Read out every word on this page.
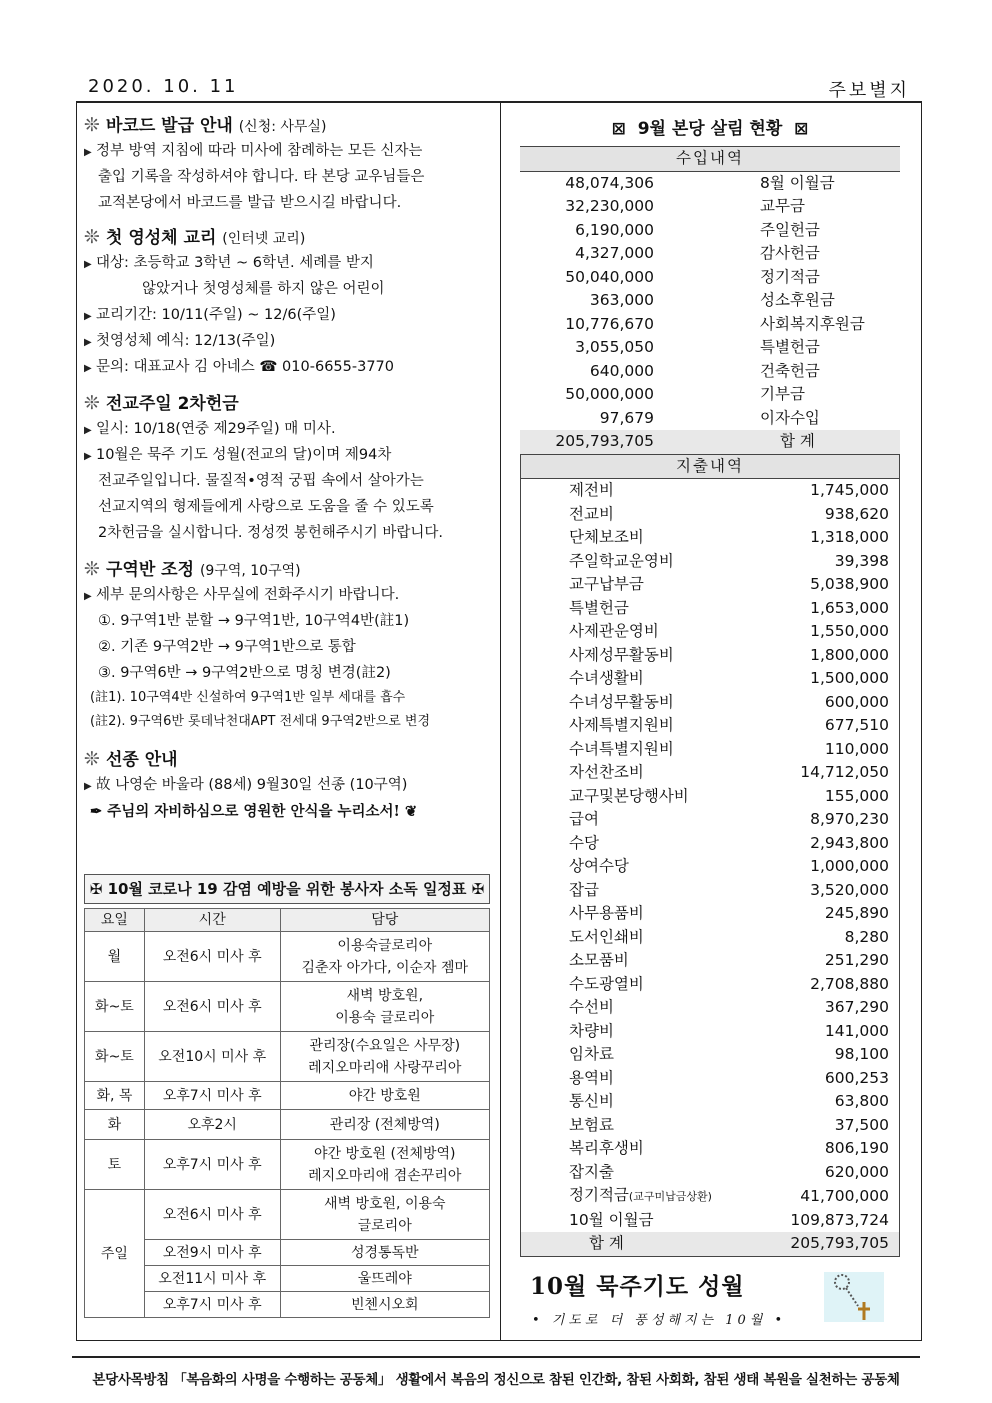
2020. 10. 11	주보별지
❊ 바코드 발급 안내 (신청: 사무실)
▶ 정부 방역 지침에 따라 미사에 참례하는 모든 신자는
출입 기록을 작성하셔야 합니다. 타 본당 교우님들은
교적본당에서 바코드를 발급 받으시길 바랍니다.
❊ 첫 영성체 교리 (인터넷 교리)
▶ 대상: 초등학교 3학년 ~ 6학년. 세례를 받지
않았거나 첫영성체를 하지 않은 어린이
▶ 교리기간: 10/11(주일) ~ 12/6(주일)
▶ 첫영성체 예식: 12/13(주일)
▶ 문의: 대표교사 김 아네스 ☎ 010-6655-3770
❊ 전교주일 2차헌금
▶ 일시: 10/18(연중 제29주일) 매 미사.
▶ 10월은 묵주 기도 성월(전교의 달)이며 제94차
전교주일입니다. 물질적•영적 궁핍 속에서 살아가는
선교지역의 형제들에게 사랑으로 도움을 줄 수 있도록
2차헌금을 실시합니다. 정성껏 봉헌해주시기 바랍니다.
❊ 구역반 조정 (9구역, 10구역)
▶ 세부 문의사항은 사무실에 전화주시기 바랍니다.
①. 9구역1반 분할 → 9구역1반, 10구역4반(註1)
②. 기존 9구역2반 → 9구역1반으로 통합
③. 9구역6반 → 9구역2반으로 명칭 변경(註2)
(註1). 10구역4반 신설하여 9구역1반 일부 세대를 흡수
(註2). 9구역6반 롯데낙천대APT 전세대 9구역2반으로 변경
❊ 선종 안내
▶ 故 나영순 바울라 (88세) 9월30일 선종 (10구역)
✒ 주님의 자비하심으로 영원한 안식을 누리소서! ❦
✠ 10월 코로나 19 감염 예방을 위한 봉사자 소독 일정표 ✠
요일	시간	담당
월	오전6시 미사 후	이용숙글로리아
김춘자 아가다, 이순자 젬마

화~토	오전6시 미사 후	새벽 방호원,
이용숙 글로리아

화~토	오전10시 미사 후	관리장(수요일은 사무장)
레지오마리애 사랑꾸리아

화, 목	오후7시 미사 후	야간 방호원
화	오후2시	관리장 (전체방역)
토	오후7시 미사 후	야간 방호원 (전체방역)
레지오마리애 겸손꾸리아

주일	오전6시 미사 후	새벽 방호원, 이용숙
글로리아

	오전9시 미사 후	성경통독반
	오전11시 미사 후	울뜨레야
	오후7시 미사 후	빈첸시오회
⊠ 9월 본당 살림 현황 ⊠
수입내역	
48,074,306	8월 이월금
32,230,000	교무금
6,190,000	주일헌금
4,327,000	감사헌금
50,040,000	정기적금
363,000	성소후원금
10,776,670	사회복지후원금
3,055,050	특별헌금
640,000	건축헌금
50,000,000	기부금
97,679	이자수입
205,793,705	합 계
지출내역	
제전비	1,745,000
전교비	938,620
단체보조비	1,318,000
주일학교운영비	39,398
교구납부금	5,038,900
특별헌금	1,653,000
사제관운영비	1,550,000
사제성무활동비	1,800,000
수녀생활비	1,500,000
수녀성무활동비	600,000
사제특별지원비	677,510
수녀특별지원비	110,000
자선찬조비	14,712,050
교구및본당행사비	155,000
급여	8,970,230
수당	2,943,800
상여수당	1,000,000
잡급	3,520,000
사무용품비	245,890
도서인쇄비	8,280
소모품비	251,290
수도광열비	2,708,880
수선비	367,290
차량비	141,000
임차료	98,100
용역비	600,253
통신비	63,800
보험료	37,500
복리후생비	806,190
잡지출	620,000
정기적금(교구미납금상환)	41,700,000
10월 이월금	109,873,724
합 계	205,793,705
10월 묵주기도 성월
• 기도로 더 풍성해지는 10월 •
본당사목방침 「복음화의 사명을 수행하는 공동체」 생활에서 복음의 정신으로 참된 인간화, 참된 사회화, 참된 생태 복원을 실천하는 공동체
